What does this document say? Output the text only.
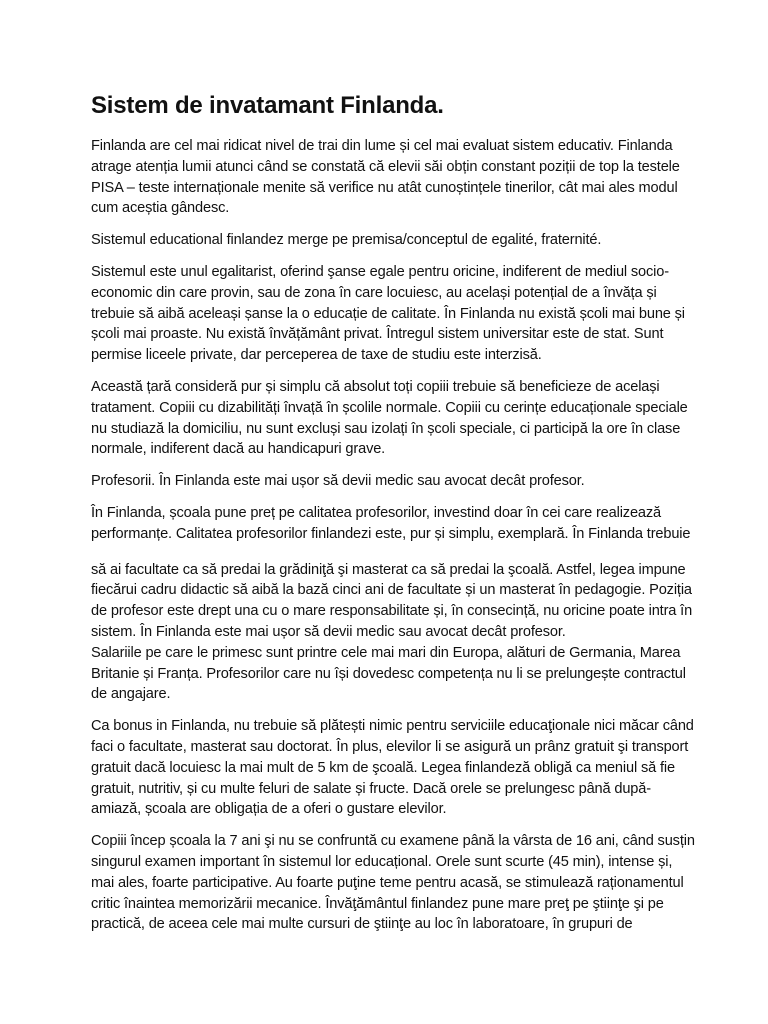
Sistem de invatamant Finlanda.

Finlanda are cel mai ridicat nivel de trai din lume și cel mai evaluat sistem educativ. Finlanda atrage atenția lumii atunci când se constată că elevii săi obțin constant poziții de top la testele PISA – teste internaționale menite să verifice nu atât cunoștințele tinerilor, cât mai ales modul cum aceștia gândesc.

Sistemul educational finlandez merge pe premisa/conceptul de egalité, fraternité.

Sistemul este unul egalitarist, oferind şanse egale pentru oricine, indiferent de mediul socio-economic din care provin, sau de zona în care locuiesc, au același potențial de a învăța și trebuie să aibă aceleași șanse la o educație de calitate. În Finlanda nu există școli mai bune și școli mai proaste. Nu există învățământ privat. Întregul sistem universitar este de stat. Sunt permise liceele private, dar perceperea de taxe de studiu este interzisă.

Această țară consideră pur și simplu că absolut toți copiii trebuie să beneficieze de același tratament. Copiii cu dizabilități învață în școlile normale. Copiii cu cerințe educaționale speciale nu studiază la domiciliu, nu sunt excluși sau izolați în școli speciale, ci participă la ore în clase normale, indiferent dacă au handicapuri grave.

Profesorii. În Finlanda este mai ușor să devii medic sau avocat decât profesor.

În Finlanda, școala pune preț pe calitatea profesorilor, investind doar în cei care realizează performanțe. Calitatea profesorilor finlandezi este, pur și simplu, exemplară. În Finlanda trebuie

să ai facultate ca să predai la grădiniţă şi masterat ca să predai la şcoală. Astfel, legea impune fiecărui cadru didactic să aibă la bază cinci ani de facultate și un masterat în pedagogie. Poziția de profesor este drept una cu o mare responsabilitate și, în consecință, nu oricine poate intra în sistem. În Finlanda este mai ușor să devii medic sau avocat decât profesor.

Salariile pe care le primesc sunt printre cele mai mari din Europa, alături de Germania, Marea Britanie și Franța. Profesorilor care nu își dovedesc competența nu li se prelungește contractul de angajare.

Ca bonus in Finlanda, nu trebuie să plătești nimic pentru serviciile educaţionale nici măcar când faci o facultate, masterat sau doctorat. În plus, elevilor li se asigură un prânz gratuit şi transport gratuit dacă locuiesc la mai mult de 5 km de şcoală. Legea finlandeză obligă ca meniul să fie gratuit, nutritiv, și cu multe feluri de salate și fructe. Dacă orele se prelungesc până după-amiază, școala are obligația de a oferi o gustare elevilor.

Copiii încep școala la 7 ani şi nu se confruntă cu examene până la vârsta de 16 ani, când susțin singurul examen important în sistemul lor educațional. Orele sunt scurte (45 min), intense și, mai ales, foarte participative. Au foarte puţine teme pentru acasă, se stimulează raționamentul critic înaintea memorizării mecanice. Învăţământul finlandez pune mare preţ pe ştiinţe şi pe practică, de aceea cele mai multe cursuri de ştiinţe au loc în laboratoare, în grupuri de
